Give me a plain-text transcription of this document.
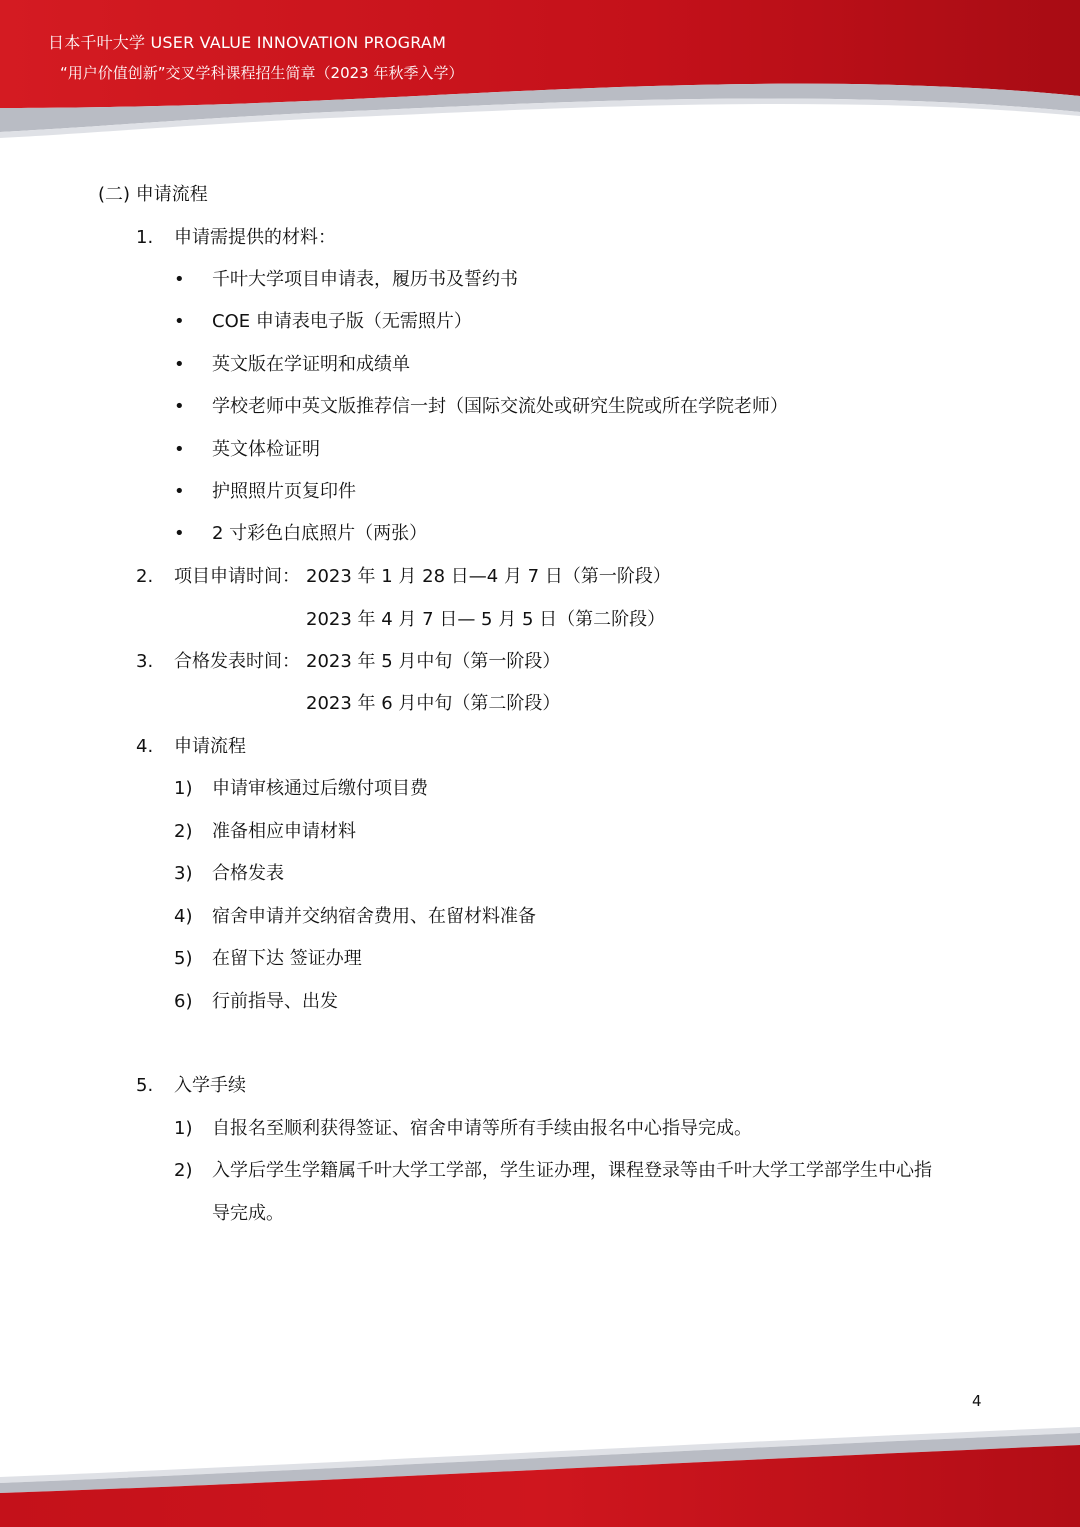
日本千叶大学 USER VALUE INNOVATION PROGRAM
“用户价值创新”交叉学科课程招生简章（2023 年秋季入学）
(二) 申请流程
1. 申请需提供的材料：
• 千叶大学项目申请表，履历书及誓约书
• COE 申请表电子版（无需照片）
• 英文版在学证明和成绩单
• 学校老师中英文版推荐信一封（国际交流处或研究生院或所在学院老师）
• 英文体检证明
• 护照照片页复印件
• 2 寸彩色白底照片（两张）
2. 项目申请时间： 2023 年 1 月 28 日—4 月 7 日（第一阶段）
2023 年 4 月 7 日— 5 月 5 日（第二阶段）
3. 合格发表时间： 2023 年 5 月中旬（第一阶段）
2023 年 6 月中旬（第二阶段）
4. 申请流程
1) 申请审核通过后缴付项目费
2) 准备相应申请材料
3) 合格发表
4) 宿舍申请并交纳宿舍费用、在留材料准备
5) 在留下达 签证办理
6) 行前指导、出发
5. 入学手续
1) 自报名至顺利获得签证、宿舍申请等所有手续由报名中心指导完成。
2) 入学后学生学籍属千叶大学工学部，学生证办理，课程登录等由千叶大学工学部学生中心指
导完成。
4
